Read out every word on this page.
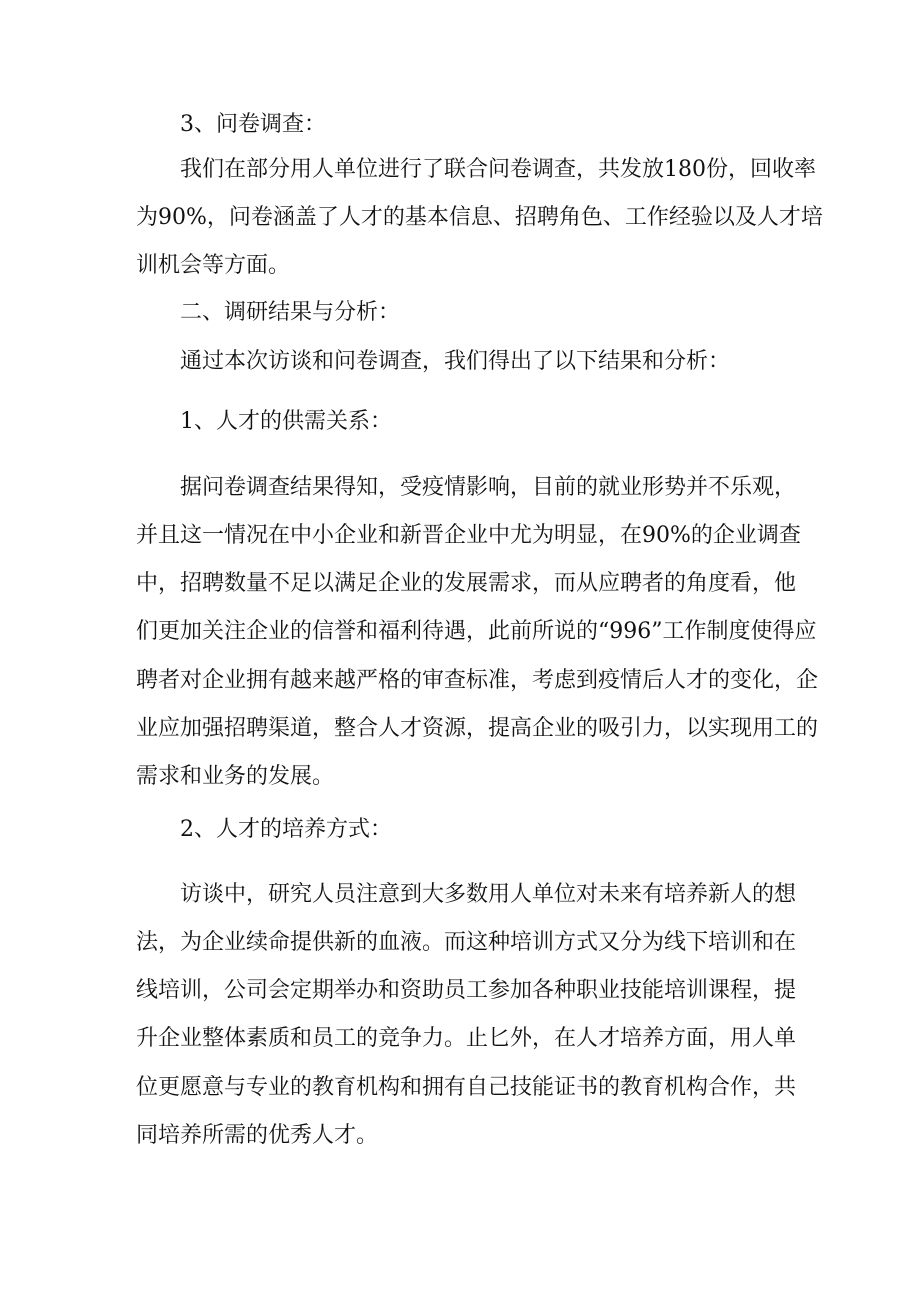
3、问卷调查：
我们在部分用人单位进行了联合问卷调查，共发放180份，回收率
为90%，问卷涵盖了人才的基本信息、招聘角色、工作经验以及人才培
训机会等方面。
二、调研结果与分析：
通过本次访谈和问卷调查，我们得出了以下结果和分析：
1、人才的供需关系：
据问卷调查结果得知，受疫情影响，目前的就业形势并不乐观，
并且这一情况在中小企业和新晋企业中尤为明显，在90%的企业调查
中，招聘数量不足以满足企业的发展需求，而从应聘者的角度看，他
们更加关注企业的信誉和福利待遇，此前所说的“996”工作制度使得应
聘者对企业拥有越来越严格的审查标准，考虑到疫情后人才的变化，企
业应加强招聘渠道，整合人才资源，提高企业的吸引力，以实现用工的
需求和业务的发展。
2、人才的培养方式：
访谈中，研究人员注意到大多数用人单位对未来有培养新人的想
法，为企业续命提供新的血液。而这种培训方式又分为线下培训和在
线培训，公司会定期举办和资助员工参加各种职业技能培训课程，提
升企业整体素质和员工的竞争力。止匕外，在人才培养方面，用人单
位更愿意与专业的教育机构和拥有自己技能证书的教育机构合作，共
同培养所需的优秀人才。
